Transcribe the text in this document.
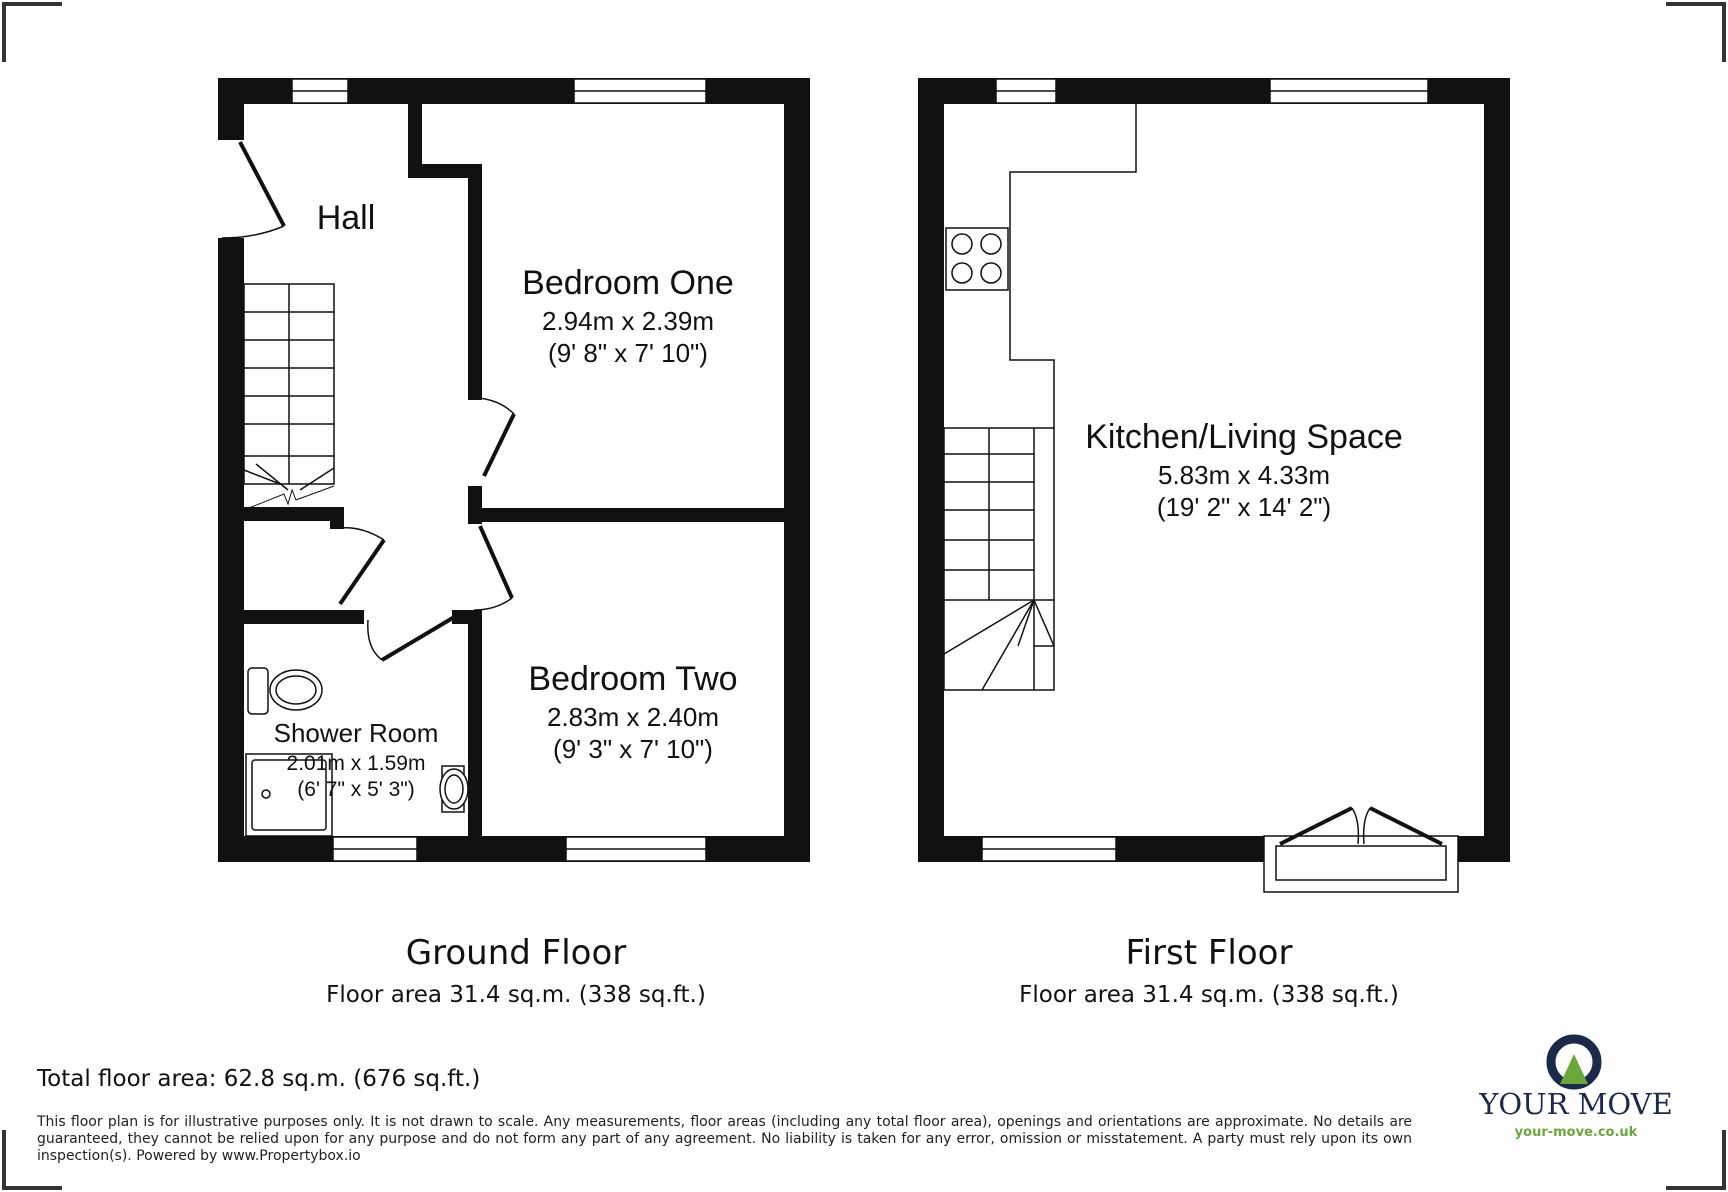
Hall
Bedroom One
2.94m x 2.39m
(9' 8" x 7' 10")
Bedroom Two
2.83m x 2.40m
(9' 3" x 7' 10")
Shower Room
2.01m x 1.59m
(6' 7" x 5' 3")
Kitchen/Living Space
5.83m x 4.33m
(19' 2" x 14' 2")
Ground Floor
Floor area 31.4 sq.m. (338 sq.ft.)
First Floor
Floor area 31.4 sq.m. (338 sq.ft.)
YOUR MOVE
your-move.co.uk

Total floor area: 62.8 sq.m. (676 sq.ft.)

This floor plan is for illustrative purposes only. It is not drawn to scale. Any measurements, floor areas (including any total floor area), openings and orientations are approximate. No details are guaranteed, they cannot be relied upon for any purpose and do not form any part of any agreement. No liability is taken for any error, omission or misstatement. A party must rely upon its own inspection(s). Powered by www.Propertybox.io
